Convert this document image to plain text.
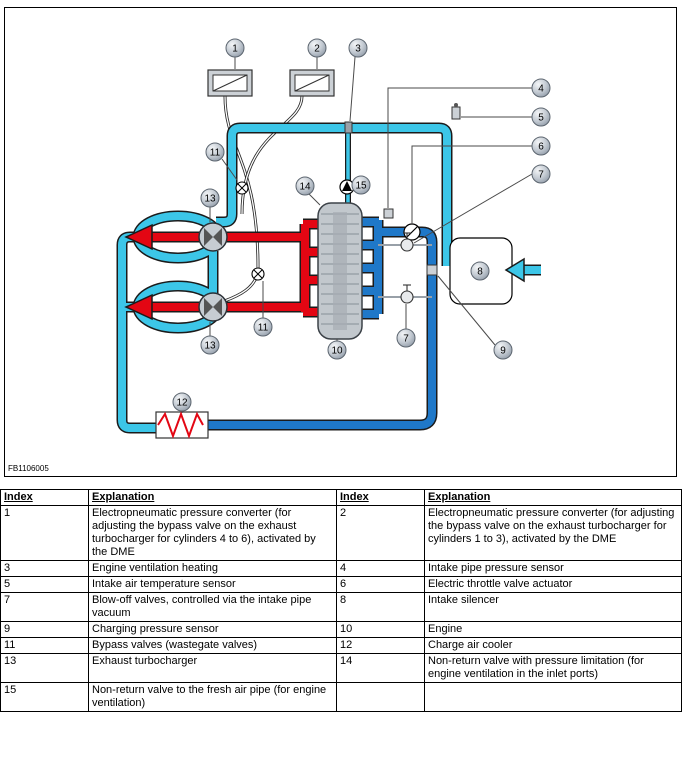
1	2	3
4
5
6
7
11
13
14	15
8
13
11
10
7
9
12
FB1106005
Index	Explanation	Index	Explanation
1	Electropneumatic pressure converter (for adjusting the bypass valve on the exhaust turbocharger for cylinders 4 to 6), activated by the DME	2	Electropneumatic pressure converter (for adjusting the bypass valve on the exhaust turbocharger for cylinders 1 to 3), activated by the DME
3	Engine ventilation heating	4	Intake pipe pressure sensor
5	Intake air temperature sensor	6	Electric throttle valve actuator
7	Blow-off valves, controlled via the intake pipe vacuum	8	Intake silencer
9	Charging pressure sensor	10	Engine
11	Bypass valves (wastegate valves)	12	Charge air cooler
13	Exhaust turbocharger	14	Non-return valve with pressure limitation (for engine ventilation in the inlet ports)
15	Non-return valve to the fresh air pipe (for engine ventilation)		
